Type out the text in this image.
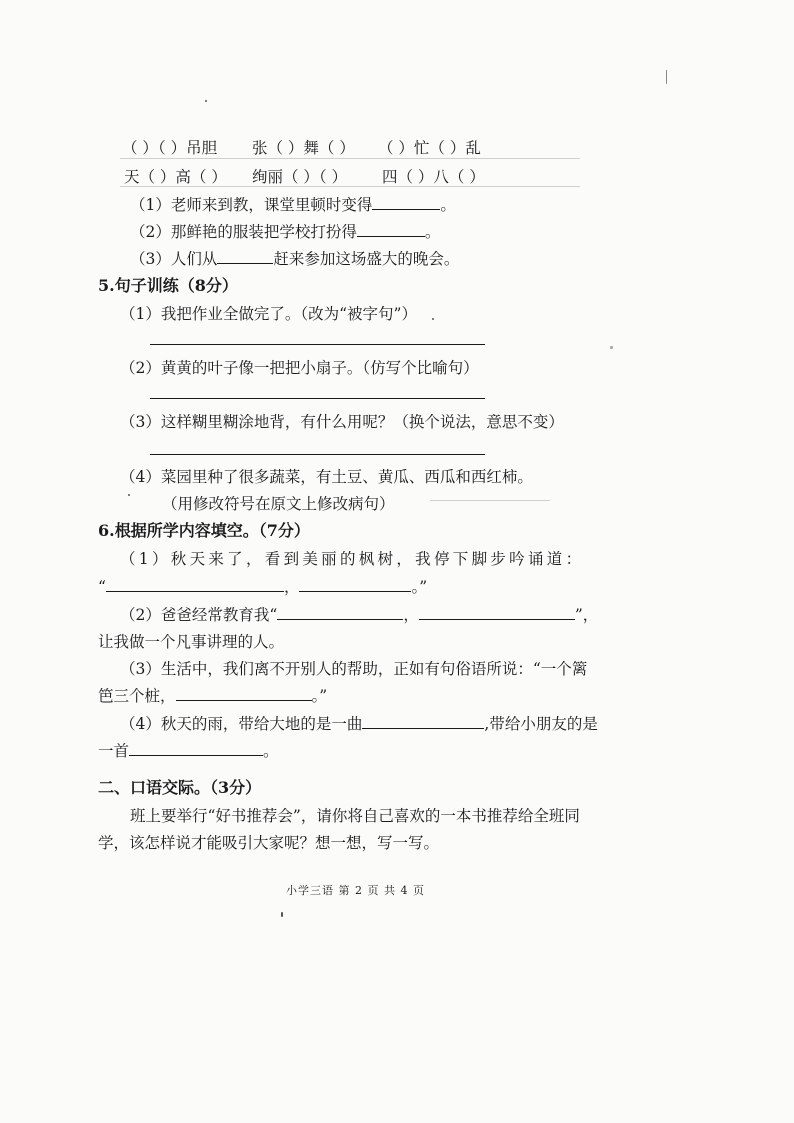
（ ）（ ）吊胆 张（ ）舞（ ） （ ）忙（ ）乱
天（ ）高（ ） 绚丽（ ）（ ） 四（ ）八（ ）
（1）老师来到教，课堂里顿时变得	。
（2）那鲜艳的服装把学校打扮得	。
（3）人们从	赶来参加这场盛大的晚会。
5.句子训练（8分）
（1）我把作业全做完了。（改为“被字句”）
（2）黄黄的叶子像一把把小扇子。（仿写个比喻句）
（3）这样糊里糊涂地背，有什么用呢？（换个说法，意思不变）
（4）菜园里种了很多蔬菜，有土豆、黄瓜、西瓜和西红柿。
（用修改符号在原文上修改病句）
6.根据所学内容填空。（7分）
（1）秋天来了，看到美丽的枫树，我停下脚步吟诵道：
“	，	。”
（2）爸爸经常教育我“	，	”，
让我做一个凡事讲理的人。
（3）生活中，我们离不开别人的帮助，正如有句俗语所说：“一个篱
笆三个桩，	。”
（4）秋天的雨，带给大地的是一曲	,带给小朋友的是
一首	。
二、口语交际。（3分）
班上要举行“好书推荐会”，请你将自己喜欢的一本书推荐给全班同
学，该怎样说才能吸引大家呢？想一想，写一写。
小学三语 第 2 页 共 4 页
